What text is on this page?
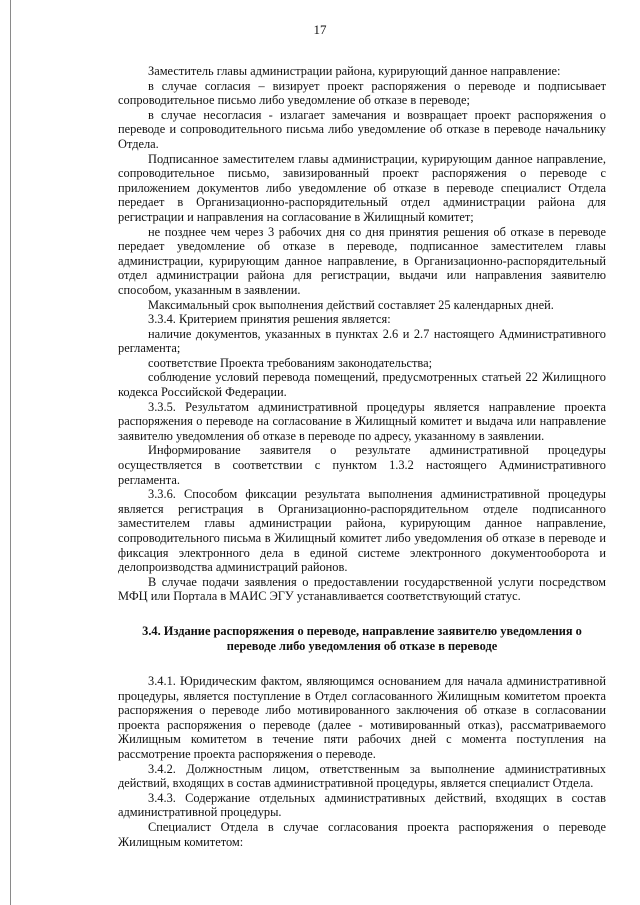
17

Заместитель главы администрации района, курирующий данное направление:

в случае согласия – визирует проект распоряжения о переводе и подписывает сопроводительное письмо либо уведомление об отказе в переводе;

в случае несогласия - излагает замечания и возвращает проект распоряжения о переводе и сопроводительного письма либо уведомление об отказе в переводе начальнику Отдела.

Подписанное заместителем главы администрации, курирующим данное направление, сопроводительное письмо, завизированный проект распоряжения о переводе с приложением документов либо уведомление об отказе в переводе специалист Отдела передает в Организационно-распорядительный отдел администрации района для регистрации и направления на согласование в Жилищный комитет;

не позднее чем через 3 рабочих дня со дня принятия решения об отказе в переводе передает уведомление об отказе в переводе, подписанное заместителем главы администрации, курирующим данное направление, в Организационно-распорядительный отдел администрации района для регистрации, выдачи или направления заявителю способом, указанным в заявлении.

Максимальный срок выполнения действий составляет 25 календарных дней.

3.3.4. Критерием принятия решения является:

наличие документов, указанных в пунктах 2.6 и 2.7 настоящего Административного регламента;

соответствие Проекта требованиям законодательства;

соблюдение условий перевода помещений, предусмотренных статьей 22 Жилищного кодекса Российской Федерации.

3.3.5. Результатом административной процедуры является направление проекта распоряжения о переводе на согласование в Жилищный комитет и выдача или направление заявителю уведомления об отказе в переводе по адресу, указанному в заявлении.

Информирование заявителя о результате административной процедуры осуществляется в соответствии с пунктом 1.3.2 настоящего Административного регламента.

3.3.6. Способом фиксации результата выполнения административной процедуры является регистрация в Организационно-распорядительном отделе подписанного заместителем главы администрации района, курирующим данное направление, сопроводительного письма в Жилищный комитет либо уведомления об отказе в переводе и фиксация электронного дела в единой системе электронного документооборота и делопроизводства администраций районов.

В случае подачи заявления о предоставлении государственной услуги посредством МФЦ или Портала в МАИС ЭГУ устанавливается соответствующий статус.

3.4. Издание распоряжения о переводе, направление заявителю уведомления о переводе либо уведомления об отказе в переводе

3.4.1. Юридическим фактом, являющимся основанием для начала административной процедуры, является поступление в Отдел согласованного Жилищным комитетом проекта распоряжения о переводе либо мотивированного заключения об отказе в согласовании проекта распоряжения о переводе (далее - мотивированный отказ), рассматриваемого Жилищным комитетом в течение пяти рабочих дней с момента поступления на рассмотрение проекта распоряжения о переводе.

3.4.2. Должностным лицом, ответственным за выполнение административных действий, входящих в состав административной процедуры, является специалист Отдела.

3.4.3. Содержание отдельных административных действий, входящих в состав административной процедуры.

Специалист Отдела в случае согласования проекта распоряжения о переводе Жилищным комитетом:
